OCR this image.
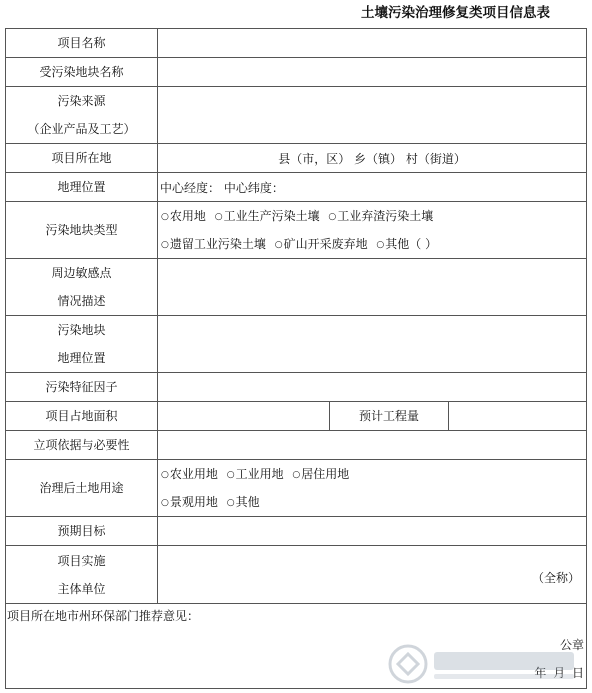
土壤污染治理修复类项目信息表
项目名称			
受污染地块名称			

污染来源
（企业产品及工艺）			

项目所在地	县（市，区） 乡（镇） 村（街道）		
地理位置	中心经度： 中心纬度：		
污染地块类型	○农用地 ○工业生产污染土壤 ○工业弃渣污染土壤
○遗留工业污染土壤 ○矿山开采废弃地 ○其他（ ）		

周边敏感点
情况描述			

污染地块
地理位置			

污染特征因子			
项目占地面积		预计工程量	
立项依据与必要性			
治理后土地用途	○农业用地 ○工业用地 ○居住用地
○景观用地 ○其他		

预期目标			

项目实施
主体单位	（全称）		

项目所在地市州环保部门推荐意见：
公章
年 月 日			
